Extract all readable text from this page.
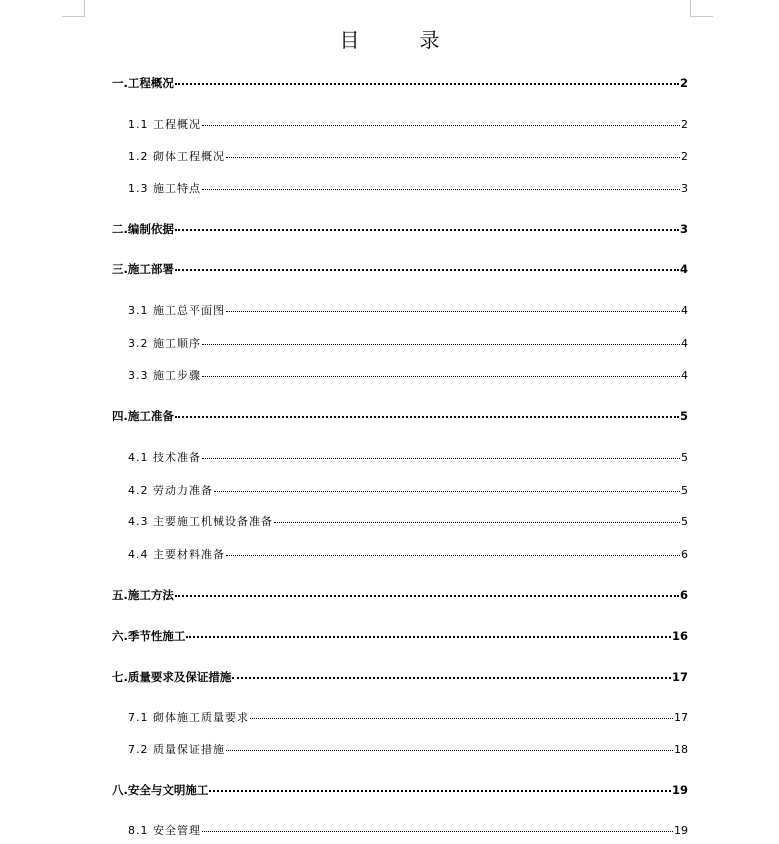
目　录
一.工程概况	2
1.1 工程概况	2
1.2 砌体工程概况	2
1.3 施工特点	3
二.编制依据	3
三.施工部署	4
3.1 施工总平面图	4
3.2 施工顺序	4
3.3 施工步骤	4
四.施工准备	5
4.1 技术准备	5
4.2 劳动力准备	5
4.3 主要施工机械设备准备	5
4.4 主要材料准备	6
五.施工方法	6
六.季节性施工	16
七.质量要求及保证措施	17
7.1 砌体施工质量要求	17
7.2 质量保证措施	18
八.安全与文明施工	19
8.1 安全管理	19
